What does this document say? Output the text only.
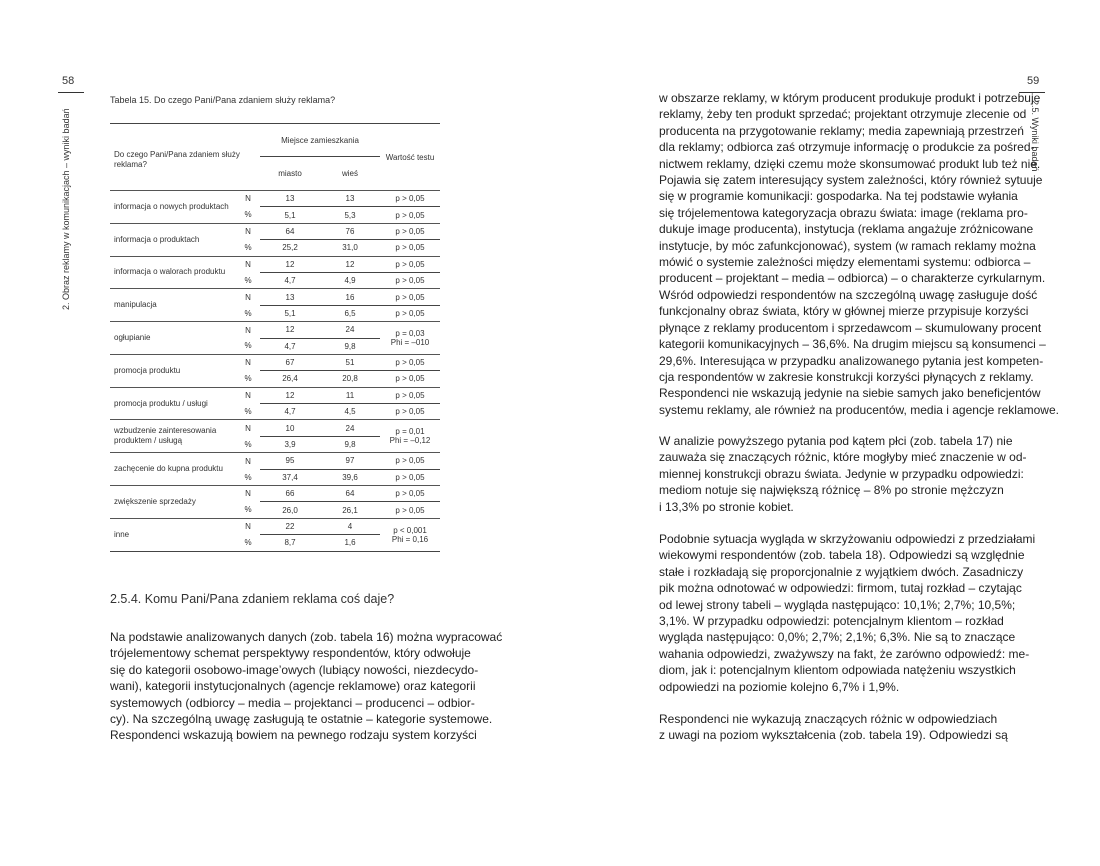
58
2. Obraz reklamy w komunikacjach – wyniki badań
Tabela 15. Do czego Pani/Pana zdaniem służy reklama?
Do czego Pani/Pana zdaniem służy reklama?		Miejsce zamieszkania		Wartość testu
		miasto	wieś	
informacja o nowych produktach	N	13	13	p > 0,05
	%	5,1	5,3	p > 0,05
informacja o produktach	N	64	76	p > 0,05
	%	25,2	31,0	p > 0,05
informacja o walorach produktu	N	12	12	p > 0,05
	%	4,7	4,9	p > 0,05
manipulacja	N	13	16	p > 0,05
	%	5,1	6,5	p > 0,05
ogłupianie	N	12	24	p = 0,03
Phi = –010
	%	4,7	9,8	
promocja produktu	N	67	51	p > 0,05
	%	26,4	20,8	p > 0,05
promocja produktu / usługi	N	12	11	p > 0,05
	%	4,7	4,5	p > 0,05
wzbudzenie zainteresowania produktem / usługą	N	10	24	p = 0,01
Phi = –0,12
	%	3,9	9,8	
zachęcenie do kupna produktu	N	95	97	p > 0,05
	%	37,4	39,6	p > 0,05
zwiększenie sprzedaży	N	66	64	p > 0,05
	%	26,0	26,1	p > 0,05
inne	N	22	4	p < 0,001
Phi = 0,16
	%	8,7	1,6	
2.5.4. Komu Pani/Pana zdaniem reklama coś daje?
Na podstawie analizowanych danych (zob. tabela 16) można wypracować
trójelementowy schemat perspektywy respondentów, który odwołuje
się do kategorii osobowo-image’owych (lubiący nowości, niezdecydo-
wani), kategorii instytucjonalnych (agencje reklamowe) oraz kategorii
systemowych (odbiorcy – media – projektanci – producenci – odbior-
cy). Na szczególną uwagę zasługują te ostatnie – kategorie systemowe.
Respondenci wskazują bowiem na pewnego rodzaju system korzyści
59
2.5. Wyniki badań
w obszarze reklamy, w którym producent produkuje produkt i potrzebuje
reklamy, żeby ten produkt sprzedać; projektant otrzymuje zlecenie od
producenta na przygotowanie reklamy; media zapewniają przestrzeń
dla reklamy; odbiorca zaś otrzymuje informację o produkcie za pośred-
nictwem reklamy, dzięki czemu może skonsumować produkt lub też nie.
Pojawia się zatem interesujący system zależności, który również sytuuje
się w programie komunikacji: gospodarka. Na tej podstawie wyłania
się trójelementowa kategoryzacja obrazu świata: image (reklama pro-
dukuje image producenta), instytucja (reklama angażuje zróżnicowane
instytucje, by móc zafunkcjonować), system (w ramach reklamy można
mówić o systemie zależności między elementami systemu: odbiorca –
producent – projektant – media – odbiorca) – o charakterze cyrkularnym.
Wśród odpowiedzi respondentów na szczególną uwagę zasługuje dość
funkcjonalny obraz świata, który w głównej mierze przypisuje korzyści
płynące z reklamy producentom i sprzedawcom – skumulowany procent
kategorii komunikacyjnych – 36,6%. Na drugim miejscu są konsumenci –
29,6%. Interesująca w przypadku analizowanego pytania jest kompeten-
cja respondentów w zakresie konstrukcji korzyści płynących z reklamy.
Respondenci nie wskazują jedynie na siebie samych jako beneficjentów
systemu reklamy, ale również na producentów, media i agencje reklamowe.
W analizie powyższego pytania pod kątem płci (zob. tabela 17) nie
zauważa się znaczących różnic, które mogłyby mieć znaczenie w od-
miennej konstrukcji obrazu świata. Jedynie w przypadku odpowiedzi:
mediom notuje się największą różnicę – 8% po stronie mężczyzn
i 13,3% po stronie kobiet.
Podobnie sytuacja wygląda w skrzyżowaniu odpowiedzi z przedziałami
wiekowymi respondentów (zob. tabela 18). Odpowiedzi są względnie
stałe i rozkładają się proporcjonalnie z wyjątkiem dwóch. Zasadniczy
pik można odnotować w odpowiedzi: firmom, tutaj rozkład – czytając
od lewej strony tabeli – wygląda następująco: 10,1%; 2,7%; 10,5%;
3,1%. W przypadku odpowiedzi: potencjalnym klientom – rozkład
wygląda następująco: 0,0%; 2,7%; 2,1%; 6,3%. Nie są to znaczące
wahania odpowiedzi, zważywszy na fakt, że zarówno odpowiedź: me-
diom, jak i: potencjalnym klientom odpowiada natężeniu wszystkich
odpowiedzi na poziomie kolejno 6,7% i 1,9%.
Respondenci nie wykazują znaczących różnic w odpowiedziach
z uwagi na poziom wykształcenia (zob. tabela 19). Odpowiedzi są
